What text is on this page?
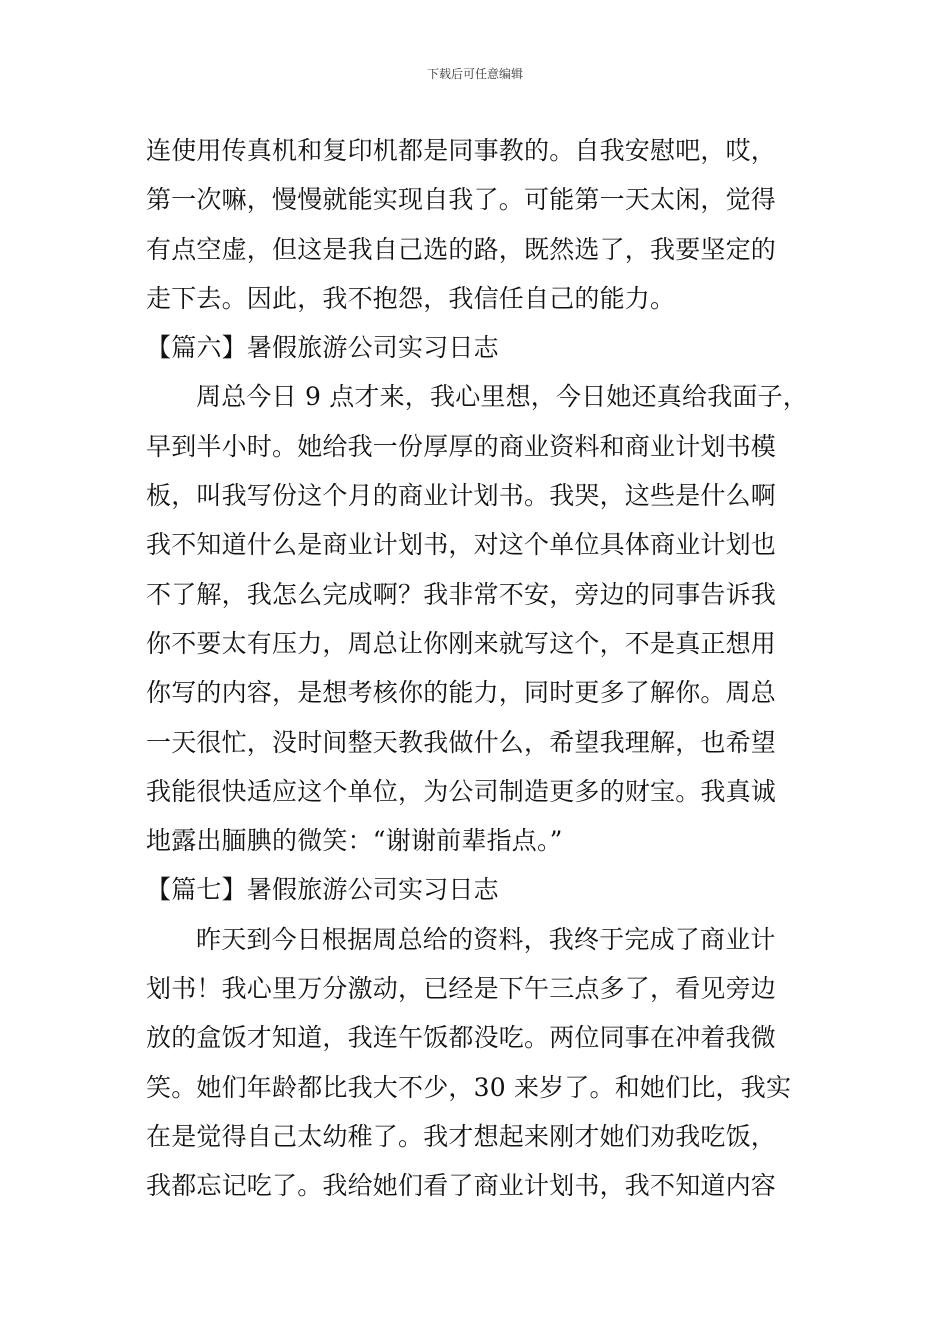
下载后可任意编辑
连使用传真机和复印机都是同事教的。自我安慰吧，哎，
第一次嘛，慢慢就能实现自我了。可能第一天太闲，觉得
有点空虚，但这是我自己选的路，既然选了，我要坚定的
走下去。因此，我不抱怨，我信任自己的能力。
【篇六】暑假旅游公司实习日志
周总今日 9 点才来，我心里想，今日她还真给我面子，
早到半小时。她给我一份厚厚的商业资料和商业计划书模
板，叫我写份这个月的商业计划书。我哭，这些是什么啊
我不知道什么是商业计划书，对这个单位具体商业计划也
不了解，我怎么完成啊？我非常不安，旁边的同事告诉我
你不要太有压力，周总让你刚来就写这个，不是真正想用
你写的内容，是想考核你的能力，同时更多了解你。周总
一天很忙，没时间整天教我做什么，希望我理解，也希望
我能很快适应这个单位，为公司制造更多的财宝。我真诚
地露出腼腆的微笑：“谢谢前辈指点。”
【篇七】暑假旅游公司实习日志
昨天到今日根据周总给的资料，我终于完成了商业计
划书！我心里万分激动，已经是下午三点多了，看见旁边
放的盒饭才知道，我连午饭都没吃。两位同事在冲着我微
笑。她们年龄都比我大不少，30 来岁了。和她们比，我实
在是觉得自己太幼稚了。我才想起来刚才她们劝我吃饭，
我都忘记吃了。我给她们看了商业计划书，我不知道内容
